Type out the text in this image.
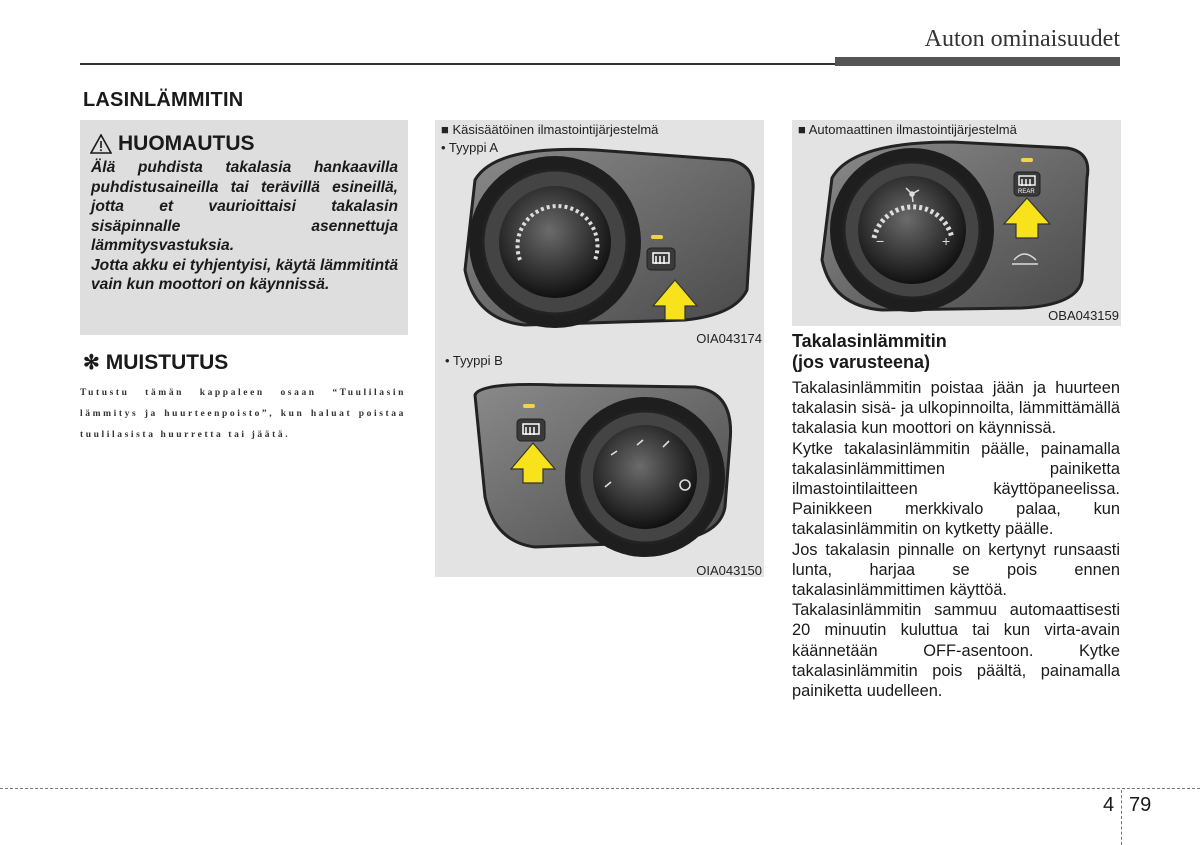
Auton ominaisuudet
LASINLÄMMITIN
HUOMAUTUS

Älä puhdista takalasia hankaavilla puhdistusaineilla tai terävillä esineillä, jotta et vaurioittaisi takalasin sisäpinnalle asennettuja lämmitysvastuksia.

Jotta akku ei tyhjentyisi, käytä lämmitintä vain kun moottori on käynnissä.

✻ MUISTUTUS
Tutustu tämän kappaleen osaan “Tuulilasin lämmitys ja huurteenpoisto”, kun haluat poistaa tuulilasista huurretta tai jäätä.
■ Käsisäätöinen ilmastointijärjestelmä
• Tyyppi A
OIA043174
• Tyyppi B
OIA043150
■ Automaattinen ilmastointijärjestelmä
−	+
REAR
OBA043159
Takalasinlämmitin
(jos varusteena)

Takalasinlämmitin poistaa jään ja huurteen takalasin sisä- ja ulkopinnoilta, lämmittämällä takalasia kun moottori on käynnissä.

Kytke takalasinlämmitin päälle, painamalla takalasinlämmittimen painiketta ilmastointilaitteen käyttöpaneelissa. Painikkeen merkkivalo palaa, kun takalasinlämmitin on kytketty päälle.

Jos takalasin pinnalle on kertynyt runsaasti lunta, harjaa se pois ennen takalasinlämmittimen käyttöä.

Takalasinlämmitin sammuu automaattisesti 20 minuutin kuluttua tai kun virta-avain käännetään OFF-asentoon. Kytke takalasinlämmitin pois päältä, painamalla painiketta uudelleen.

4 79
